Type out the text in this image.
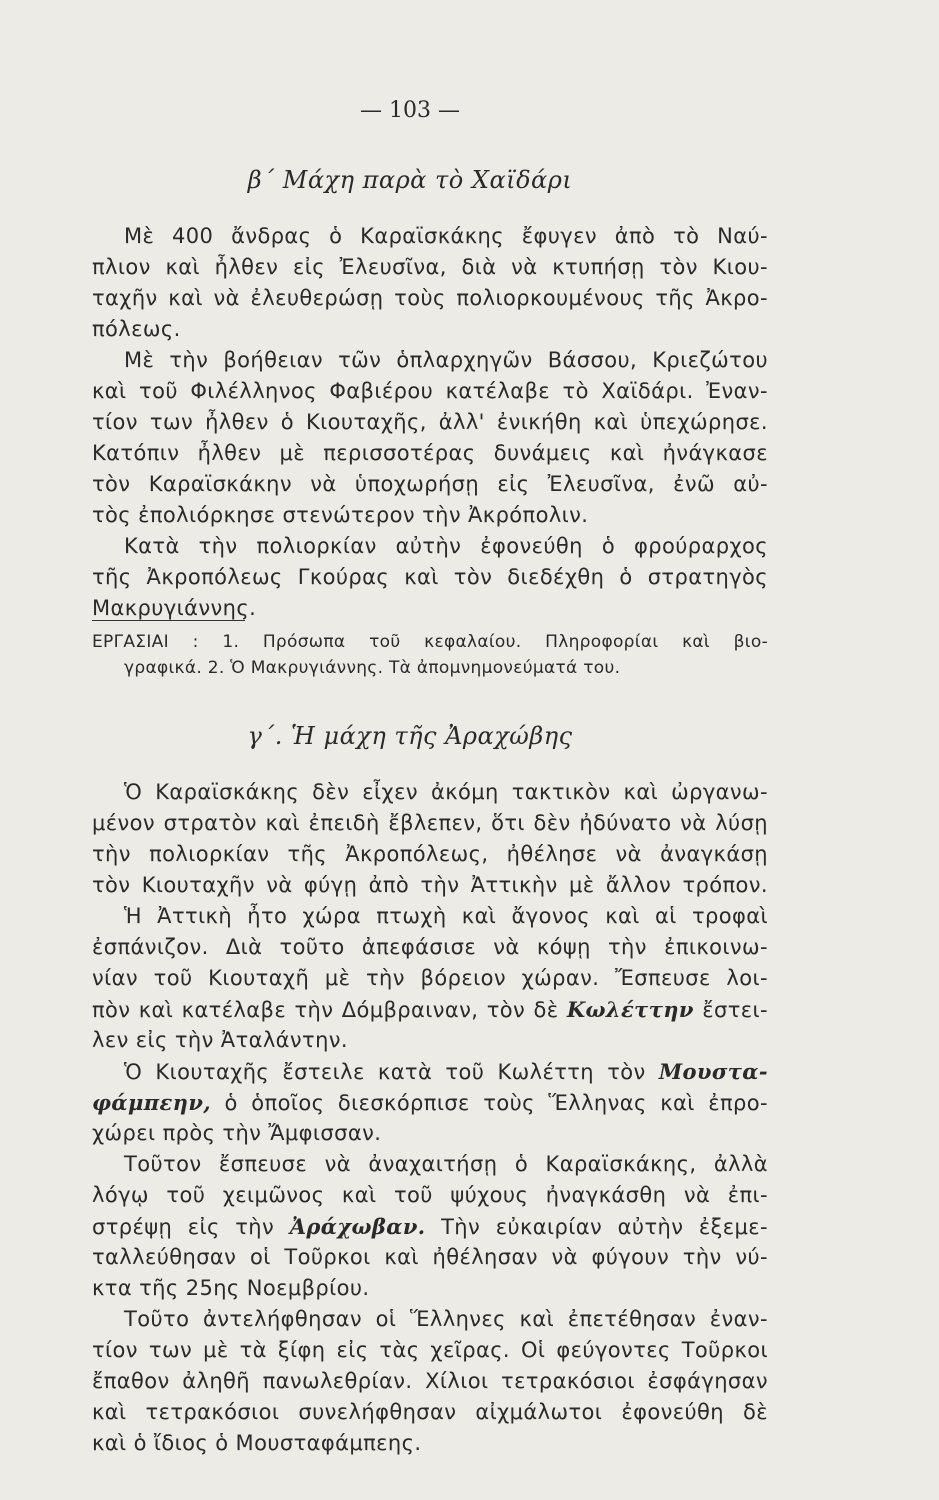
— 103 —
β΄ Μάχη παρὰ τὸ Χαϊδάρι
Μὲ 400 ἄνδρας ὁ Καραϊσκάκης ἔφυγεν ἀπὸ τὸ Ναύ-
πλιον καὶ ἦλθεν εἰς Ἐλευσῖνα, διὰ νὰ κτυπήσῃ τὸν Κιου-
ταχῆν καὶ νὰ ἐλευθερώσῃ τοὺς πολιορκουμένους τῆς Ἀκρο-
πόλεως.
Μὲ τὴν βοήθειαν τῶν ὁπλαρχηγῶν Βάσσου, Κριεζώτου
καὶ τοῦ Φιλέλληνος Φαβιέρου κατέλαβε τὸ Χαϊδάρι. Ἐναν-
τίον των ἦλθεν ὁ Κιουταχῆς, ἀλλ' ἐνικήθη καὶ ὑπεχώρησε.
Κατόπιν ἦλθεν μὲ περισσοτέρας δυνάμεις καὶ ἠνάγκασε
τὸν Καραϊσκάκην νὰ ὑποχωρήσῃ εἰς Ἐλευσῖνα, ἐνῶ αὐ-
τὸς ἐπολιόρκησε στενώτερον τὴν Ἀκρόπολιν.
Κατὰ τὴν πολιορκίαν αὐτὴν ἐφονεύθη ὁ φρούραρχος
τῆς Ἀκροπόλεως Γκούρας καὶ τὸν διεδέχθη ὁ στρατηγὸς
Μακρυγιάννης.
ΕΡΓΑΣΙΑΙ : 1. Πρόσωπα τοῦ κεφαλαίου. Πληροφορίαι καὶ βιο-
γραφικά. 2. Ὁ Μακρυγιάννης. Τὰ ἀπομνημονεύματά του.
γ΄. Ἡ μάχη τῆς Ἀραχώβης
Ὁ Καραϊσκάκης δὲν εἶχεν ἀκόμη τακτικὸν καὶ ὠργανω-
μένον στρατὸν καὶ ἐπειδὴ ἔβλεπεν, ὅτι δὲν ἠδύνατο νὰ λύσῃ
τὴν πολιορκίαν τῆς Ἀκροπόλεως, ἠθέλησε νὰ ἀναγκάσῃ
τὸν Κιουταχῆν νὰ φύγῃ ἀπὸ τὴν Ἀττικὴν μὲ ἄλλον τρόπον.
Ἡ Ἀττικὴ ἦτο χώρα πτωχὴ καὶ ἄγονος καὶ αἱ τροφαὶ
ἐσπάνιζον. Διὰ τοῦτο ἀπεφάσισε νὰ κόψῃ τὴν ἐπικοινω-
νίαν τοῦ Κιουταχῆ μὲ τὴν βόρειον χώραν. Ἔσπευσε λοι-
πὸν καὶ κατέλαβε τὴν Δόμβραιναν, τὸν δὲ Κωλέττην ἔστει-
λεν εἰς τὴν Ἀταλάντην.
Ὁ Κιουταχῆς ἔστειλε κατὰ τοῦ Κωλέττη τὸν Μουστα-
φάμπεην, ὁ ὁποῖος διεσκόρπισε τοὺς Ἕλληνας καὶ ἐπρο-
χώρει πρὸς τὴν Ἄμφισσαν.
Τοῦτον ἔσπευσε νὰ ἀναχαιτήσῃ ὁ Καραϊσκάκης, ἀλλὰ
λόγῳ τοῦ χειμῶνος καὶ τοῦ ψύχους ἠναγκάσθη νὰ ἐπι-
στρέψῃ εἰς τὴν Ἀράχωβαν. Τὴν εὐκαιρίαν αὐτὴν ἐξεμε-
ταλλεύθησαν οἱ Τοῦρκοι καὶ ἠθέλησαν νὰ φύγουν τὴν νύ-
κτα τῆς 25ης Νοεμβρίου.
Τοῦτο ἀντελήφθησαν οἱ Ἕλληνες καὶ ἐπετέθησαν ἐναν-
τίον των μὲ τὰ ξίφη εἰς τὰς χεῖρας. Οἱ φεύγοντες Τοῦρκοι
ἔπαθον ἀληθῆ πανωλεθρίαν. Χίλιοι τετρακόσιοι ἐσφάγησαν
καὶ τετρακόσιοι συνελήφθησαν αἰχμάλωτοι ἐφονεύθη δὲ
καὶ ὁ ἴδιος ὁ Μουσταφάμπεης.
